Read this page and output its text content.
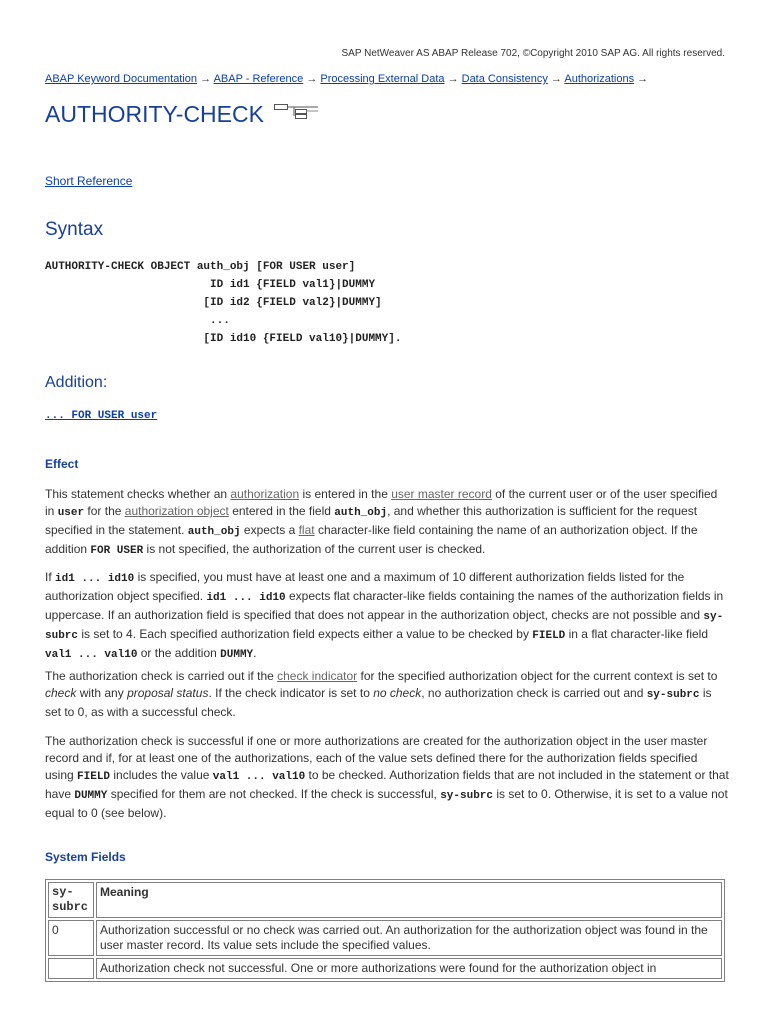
SAP NetWeaver AS ABAP Release 702, ©Copyright 2010 SAP AG. All rights reserved.
ABAP Keyword Documentation → ABAP - Reference → Processing External Data → Data Consistency → Authorizations →
AUTHORITY-CHECK
Short Reference
Syntax
AUTHORITY-CHECK OBJECT auth_obj [FOR USER user]
ID id1 {FIELD val1}|DUMMY
[ID id2 {FIELD val2}|DUMMY]
...
[ID id10 {FIELD val10}|DUMMY].
Addition:
... FOR USER user
Effect

This statement checks whether an authorization is entered in the user master record of the current user or of the user specified in user for the authorization object entered in the field auth_obj, and whether this authorization is sufficient for the request specified in the statement. auth_obj expects a flat character-like field containing the name of an authorization object. If the addition FOR USER is not specified, the authorization of the current user is checked.

If id1 ... id10 is specified, you must have at least one and a maximum of 10 different authorization fields listed for the authorization object specified. id1 ... id10 expects flat character-like fields containing the names of the authorization fields in uppercase. If an authorization field is specified that does not appear in the authorization object, checks are not possible and sy-subrc is set to 4. Each specified authorization field expects either a value to be checked by FIELD in a flat character-like field val1 ... val10 or the addition DUMMY.

The authorization check is carried out if the check indicator for the specified authorization object for the current context is set to check with any proposal status. If the check indicator is set to no check, no authorization check is carried out and sy-subrc is set to 0, as with a successful check.

The authorization check is successful if one or more authorizations are created for the authorization object in the user master record and if, for at least one of the authorizations, each of the value sets defined there for the authorization fields specified using FIELD includes the value val1 ... val10 to be checked. Authorization fields that are not included in the statement or that have DUMMY specified for them are not checked. If the check is successful, sy-subrc is set to 0. Otherwise, it is set to a value not equal to 0 (see below).

System Fields
sy-subrc	Meaning
0	Authorization successful or no check was carried out. An authorization for the authorization object was found in the user master record. Its value sets include the specified values.
	Authorization check not successful. One or more authorizations were found for the authorization object in
